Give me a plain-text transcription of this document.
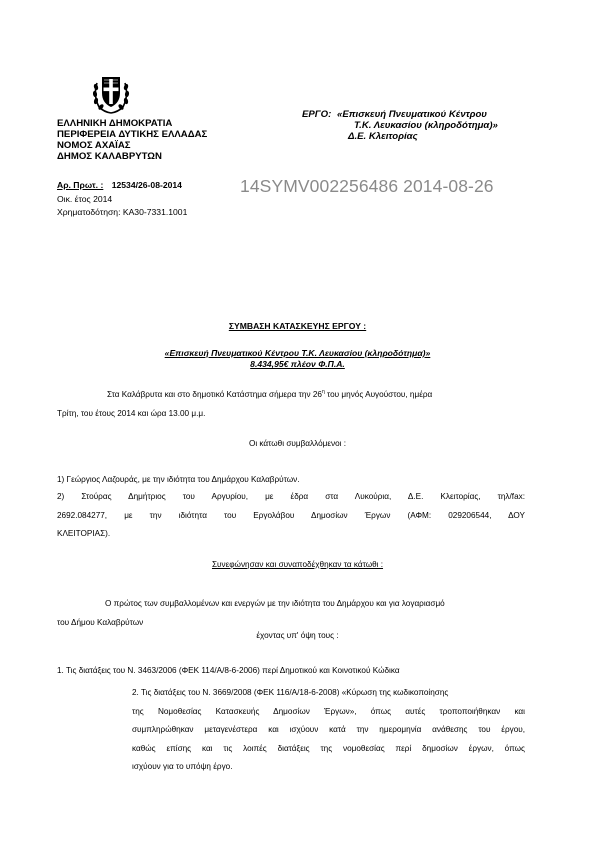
ΕΛΛΗΝΙΚΗ ΔΗΜΟΚΡΑΤΙΑ
ΠΕΡΙΦΕΡΕΙΑ ΔΥΤΙΚΗΣ ΕΛΛΑΔΑΣ
ΝΟΜΟΣ ΑΧΑΪΑΣ
ΔΗΜΟΣ ΚΑΛΑΒΡΥΤΩΝ
ΕΡΓΟ: «Επισκευή Πνευματικού Κέντρου
Τ.Κ. Λευκασίου (κληροδότημα)»
Δ.Ε. Κλειτορίας
Αρ. Πρωτ. : 12534/26-08-2014
Οικ. έτος 2014
Χρηματοδότηση: ΚΑ30-7331.1001
14SYMV002256486 2014-08-26
ΣΥΜΒΑΣΗ ΚΑΤΑΣΚΕΥΗΣ ΕΡΓΟΥ :
«Επισκευή Πνευματικού Κέντρου Τ.Κ. Λευκασίου (κληροδότημα)»
8.434,95€ πλέον Φ.Π.Α.
Στα Καλάβρυτα και στο δημοτικό Κατάστημα σήμερα την $26^\eta$ του μηνός Αυγούστου, ημέρα
Τρίτη, του έτους 2014 και ώρα 13.00 μ.μ.
Οι κάτωθι συμβαλλόμενοι :
1) Γεώργιος Λαζουράς, με την ιδιότητα του Δημάρχου Καλαβρύτων.
2) Στούρας Δημήτριος του Αργυρίου, με έδρα στα Λυκούρια, Δ.Ε. Κλειτορίας, τηλ/fax:
2692.084277, με την ιδιότητα του Εργολάβου Δημοσίων Έργων (ΑΦΜ: 029206544, ΔΟΥ
ΚΛΕΙΤΟΡΙΑΣ).
Συνεφώνησαν και συναποδέχθηκαν τα κάτωθι :
Ο πρώτος των συμβαλλομένων και ενεργών με την ιδιότητα του Δημάρχου και για λογαριασμό
του Δήμου Καλαβρύτων
έχοντας υπ' όψη τους :
1. Τις διατάξεις του Ν. 3463/2006 (ΦΕΚ 114/Α/8-6-2006) περί Δημοτικού και Κοινοτικού Κώδικα
2. Τις διατάξεις του Ν. 3669/2008 (ΦΕΚ 116/Α/18-6-2008) «Κύρωση της κωδικοποίησης
της Νομοθεσίας Κατασκευής Δημοσίων Έργων», όπως αυτές τροποποιήθηκαν και
συμπληρώθηκαν μεταγενέστερα και ισχύουν κατά την ημερομηνία ανάθεσης του έργου,
καθώς επίσης και τις λοιπές διατάξεις της νομοθεσίας περί δημοσίων έργων, όπως
ισχύουν για το υπόψη έργο.
